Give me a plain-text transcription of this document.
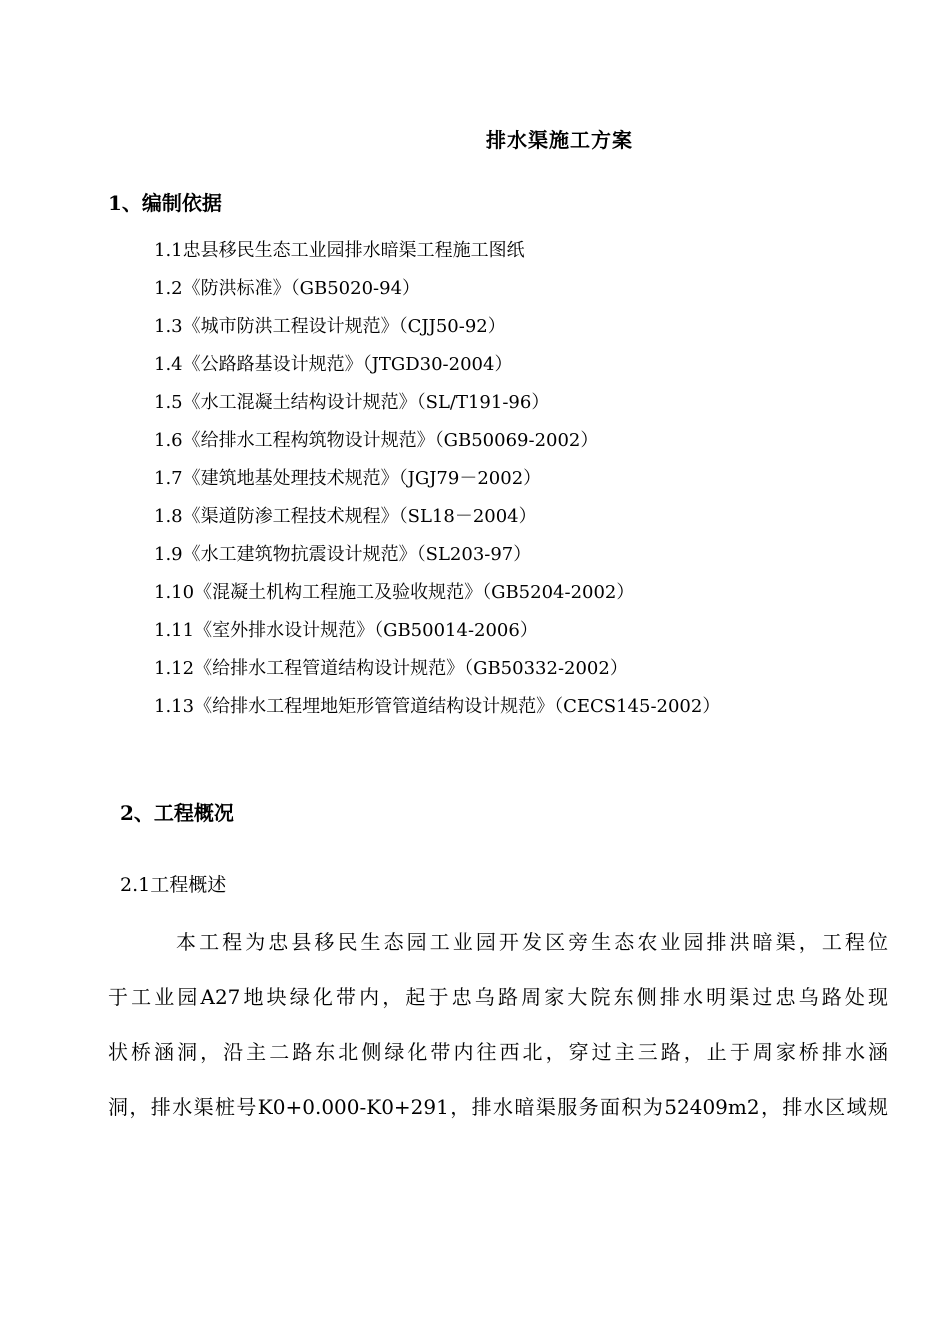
排水渠施工方案
1、编制依据
1.1忠县移民生态工业园排水暗渠工程施工图纸
1.2《防洪标准》（GB5020-94）
1.3《城市防洪工程设计规范》（CJJ50-92）
1.4《公路路基设计规范》（JTGD30-2004）
1.5《水工混凝土结构设计规范》（SL/T191-96）
1.6《给排水工程构筑物设计规范》（GB50069-2002）
1.7《建筑地基处理技术规范》（JGJ79－2002）
1.8《渠道防渗工程技术规程》（SL18－2004）
1.9《水工建筑物抗震设计规范》（SL203-97）
1.10《混凝土机构工程施工及验收规范》（GB5204-2002）
1.11《室外排水设计规范》（GB50014-2006）
1.12《给排水工程管道结构设计规范》（GB50332-2002）
1.13《给排水工程埋地矩形管管道结构设计规范》（CECS145-2002）
2、工程概况
2.1工程概述
本工程为忠县移民生态园工业园开发区旁生态农业园排洪暗渠，工程位
于工业园A27地块绿化带内，起于忠乌路周家大院东侧排水明渠过忠乌路处现
状桥涵洞，沿主二路东北侧绿化带内往西北，穿过主三路，止于周家桥排水涵
洞，排水渠桩号K0+0.000-K0+291，排水暗渠服务面积为52409m2，排水区域规
